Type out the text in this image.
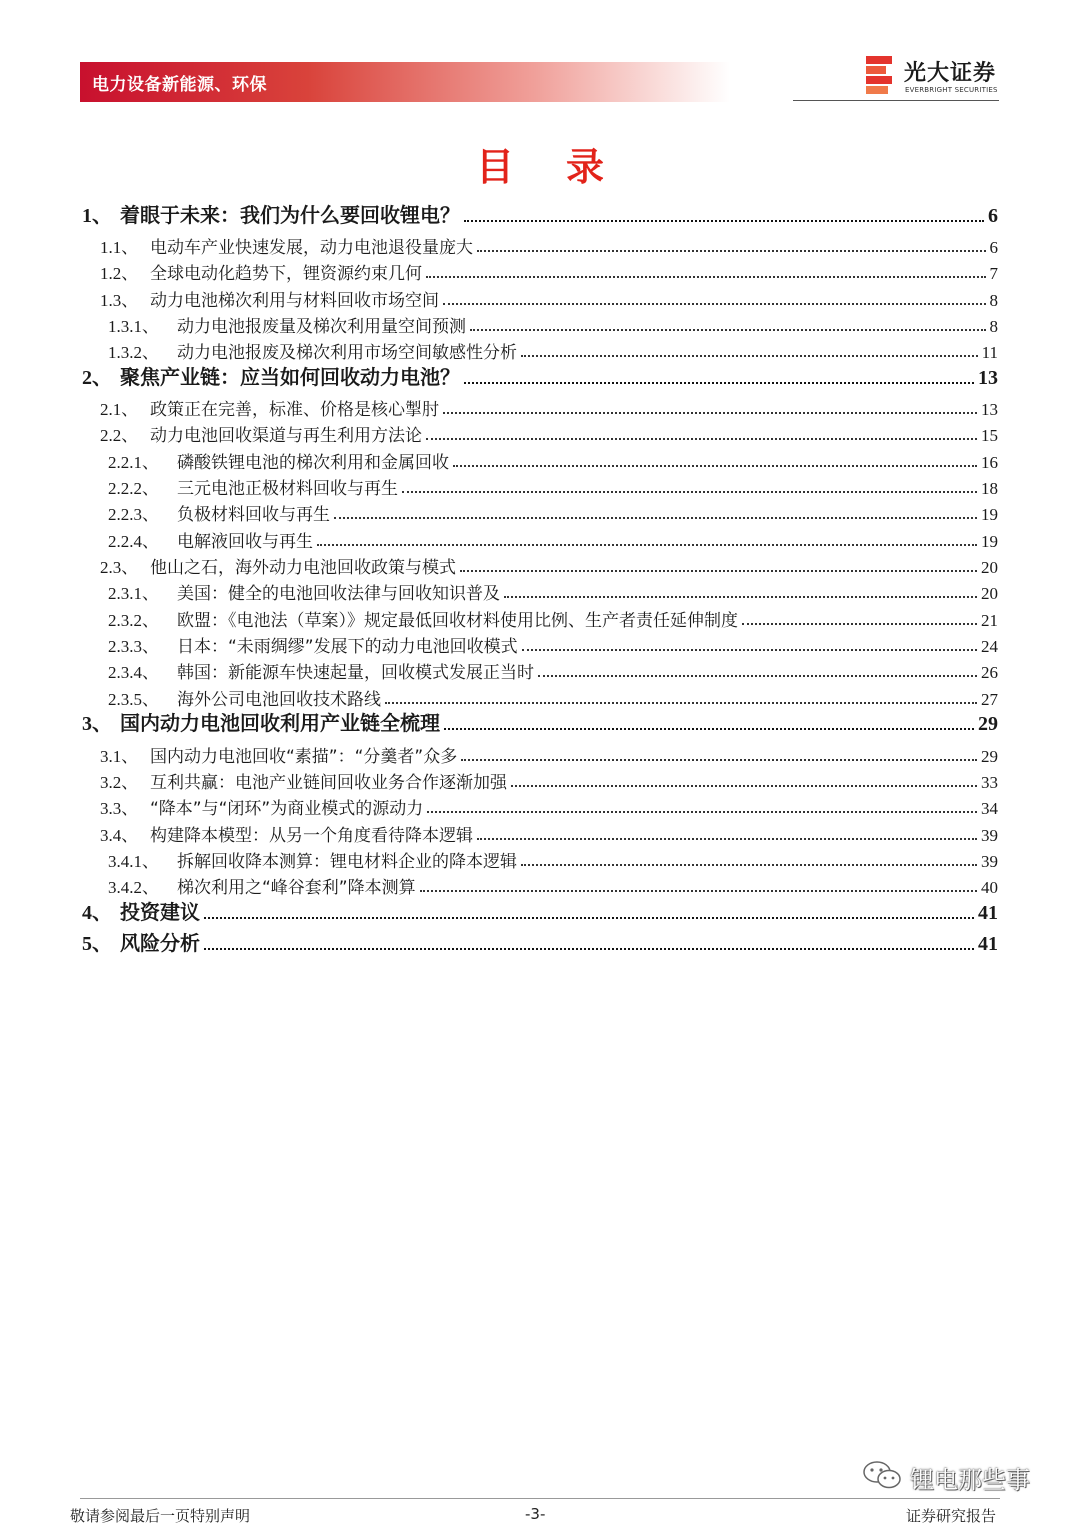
电力设备新能源、环保	光大证券
EVERBRIGHT SECURITIES
目录
1、 着眼于未来：我们为什么要回收锂电？	6
1.1、 电动车产业快速发展，动力电池退役量庞大	6
1.2、 全球电动化趋势下，锂资源约束几何	7
1.3、 动力电池梯次利用与材料回收市场空间	8
1.3.1、	动力电池报废量及梯次利用量空间预测	8
1.3.2、	动力电池报废及梯次利用市场空间敏感性分析	11
2、 聚焦产业链：应当如何回收动力电池？	13
2.1、 政策正在完善，标准、价格是核心掣肘	13
2.2、 动力电池回收渠道与再生利用方法论	15
2.2.1、	磷酸铁锂电池的梯次利用和金属回收	16
2.2.2、	三元电池正极材料回收与再生	18
2.2.3、	负极材料回收与再生	19
2.2.4、	电解液回收与再生	19
2.3、 他山之石，海外动力电池回收政策与模式	20
2.3.1、	美国：健全的电池回收法律与回收知识普及	20
2.3.2、	欧盟：《电池法（草案）》规定最低回收材料使用比例、生产者责任延伸制度	21
2.3.3、	日本：“未雨绸缪”发展下的动力电池回收模式	24
2.3.4、	韩国：新能源车快速起量，回收模式发展正当时	26
2.3.5、	海外公司电池回收技术路线	27
3、 国内动力电池回收利用产业链全梳理	29
3.1、 国内动力电池回收“素描”：“分羹者”众多	29
3.2、 互利共赢：电池产业链间回收业务合作逐渐加强	33
3.3、 “降本”与“闭环”为商业模式的源动力	34
3.4、 构建降本模型：从另一个角度看待降本逻辑	39
3.4.1、	拆解回收降本测算：锂电材料企业的降本逻辑	39
3.4.2、	梯次利用之“峰谷套利”降本测算	40
4、 投资建议	41
5、 风险分析	41
锂电那些事
敬请参阅最后一页特别声明	-3-	证券研究报告
